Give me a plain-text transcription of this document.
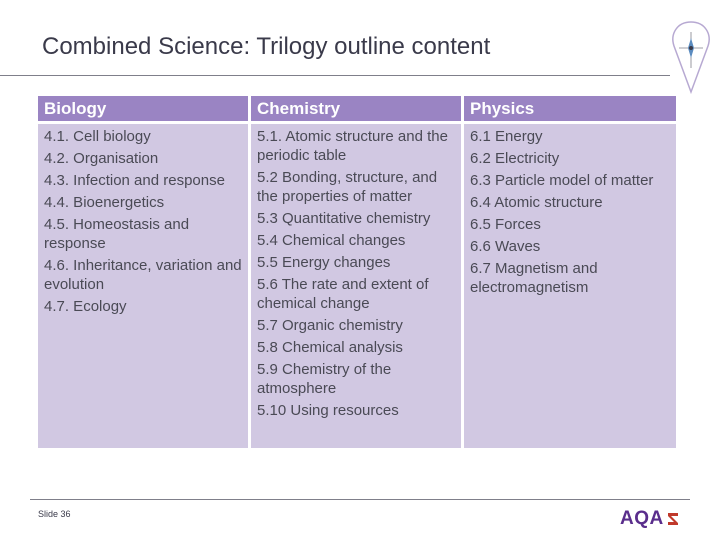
Combined Science: Trilogy outline content
Biology
4.1. Cell biology
4.2. Organisation
4.3. Infection and response
4.4. Bioenergetics
4.5. Homeostasis and response
4.6. Inheritance, variation and evolution
4.7. Ecology
Chemistry
5.1. Atomic structure and the periodic table
5.2 Bonding, structure, and the properties of matter
5.3 Quantitative chemistry
5.4 Chemical changes
5.5 Energy changes
5.6 The rate and extent of chemical change
5.7 Organic chemistry
5.8 Chemical analysis
5.9 Chemistry of the atmosphere
5.10 Using resources
Physics
6.1 Energy
6.2 Electricity
6.3 Particle model of matter
6.4 Atomic structure
6.5 Forces
6.6 Waves
6.7 Magnetism and electromagnetism
Slide 36	AQA
